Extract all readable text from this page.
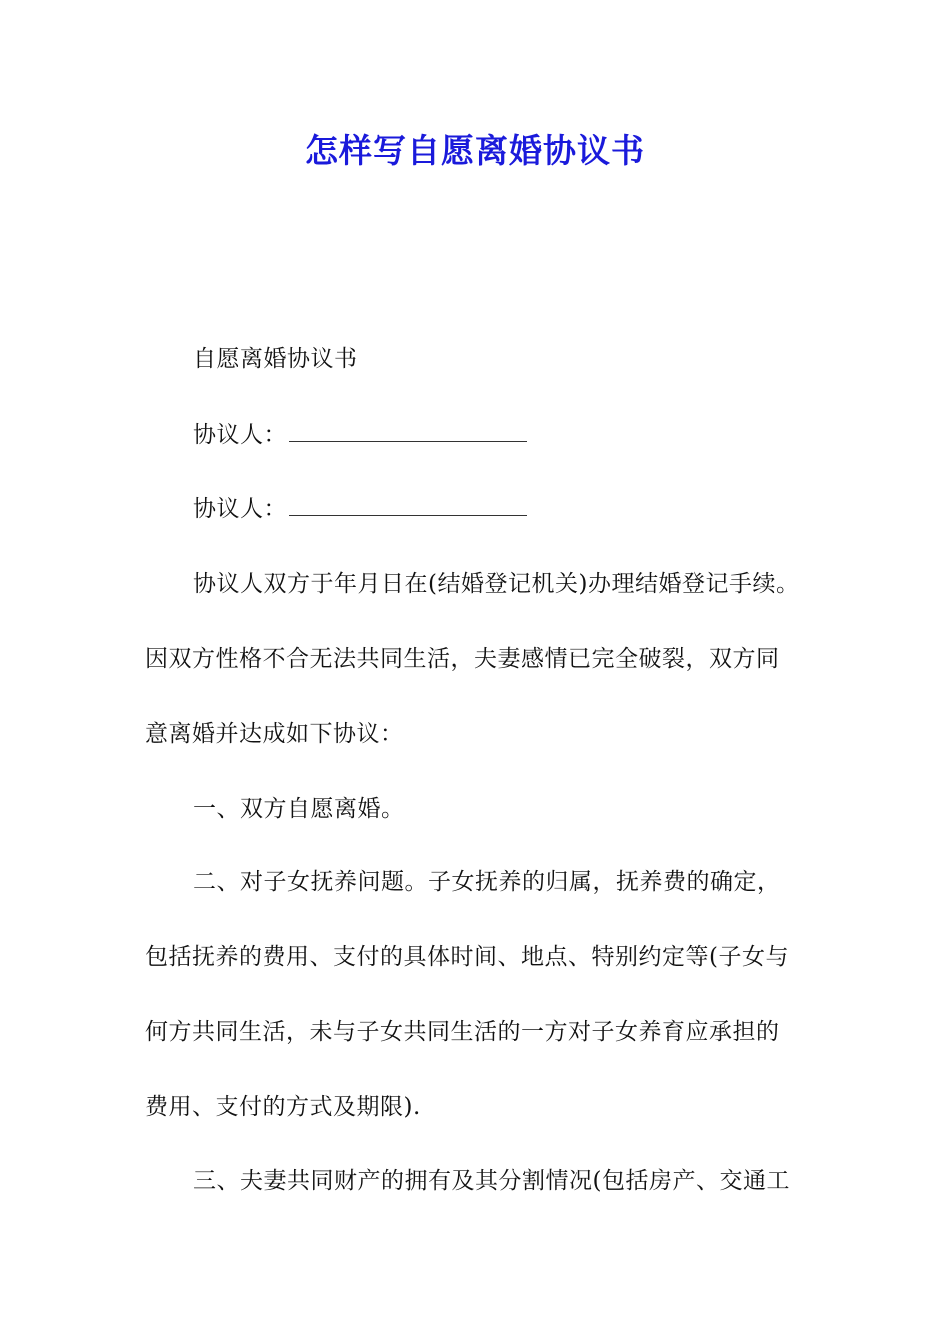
怎样写自愿离婚协议书
自愿离婚协议书
协议人：
协议人：
协议人双方于年月日在(结婚登记机关)办理结婚登记手续。
因双方性格不合无法共同生活，夫妻感情已完全破裂，双方同
意离婚并达成如下协议：
一、双方自愿离婚。
二、对子女抚养问题。子女抚养的归属，抚养费的确定，
包括抚养的费用、支付的具体时间、地点、特别约定等(子女与
何方共同生活，未与子女共同生活的一方对子女养育应承担的
费用、支付的方式及期限).
三、夫妻共同财产的拥有及其分割情况(包括房产、交通工
